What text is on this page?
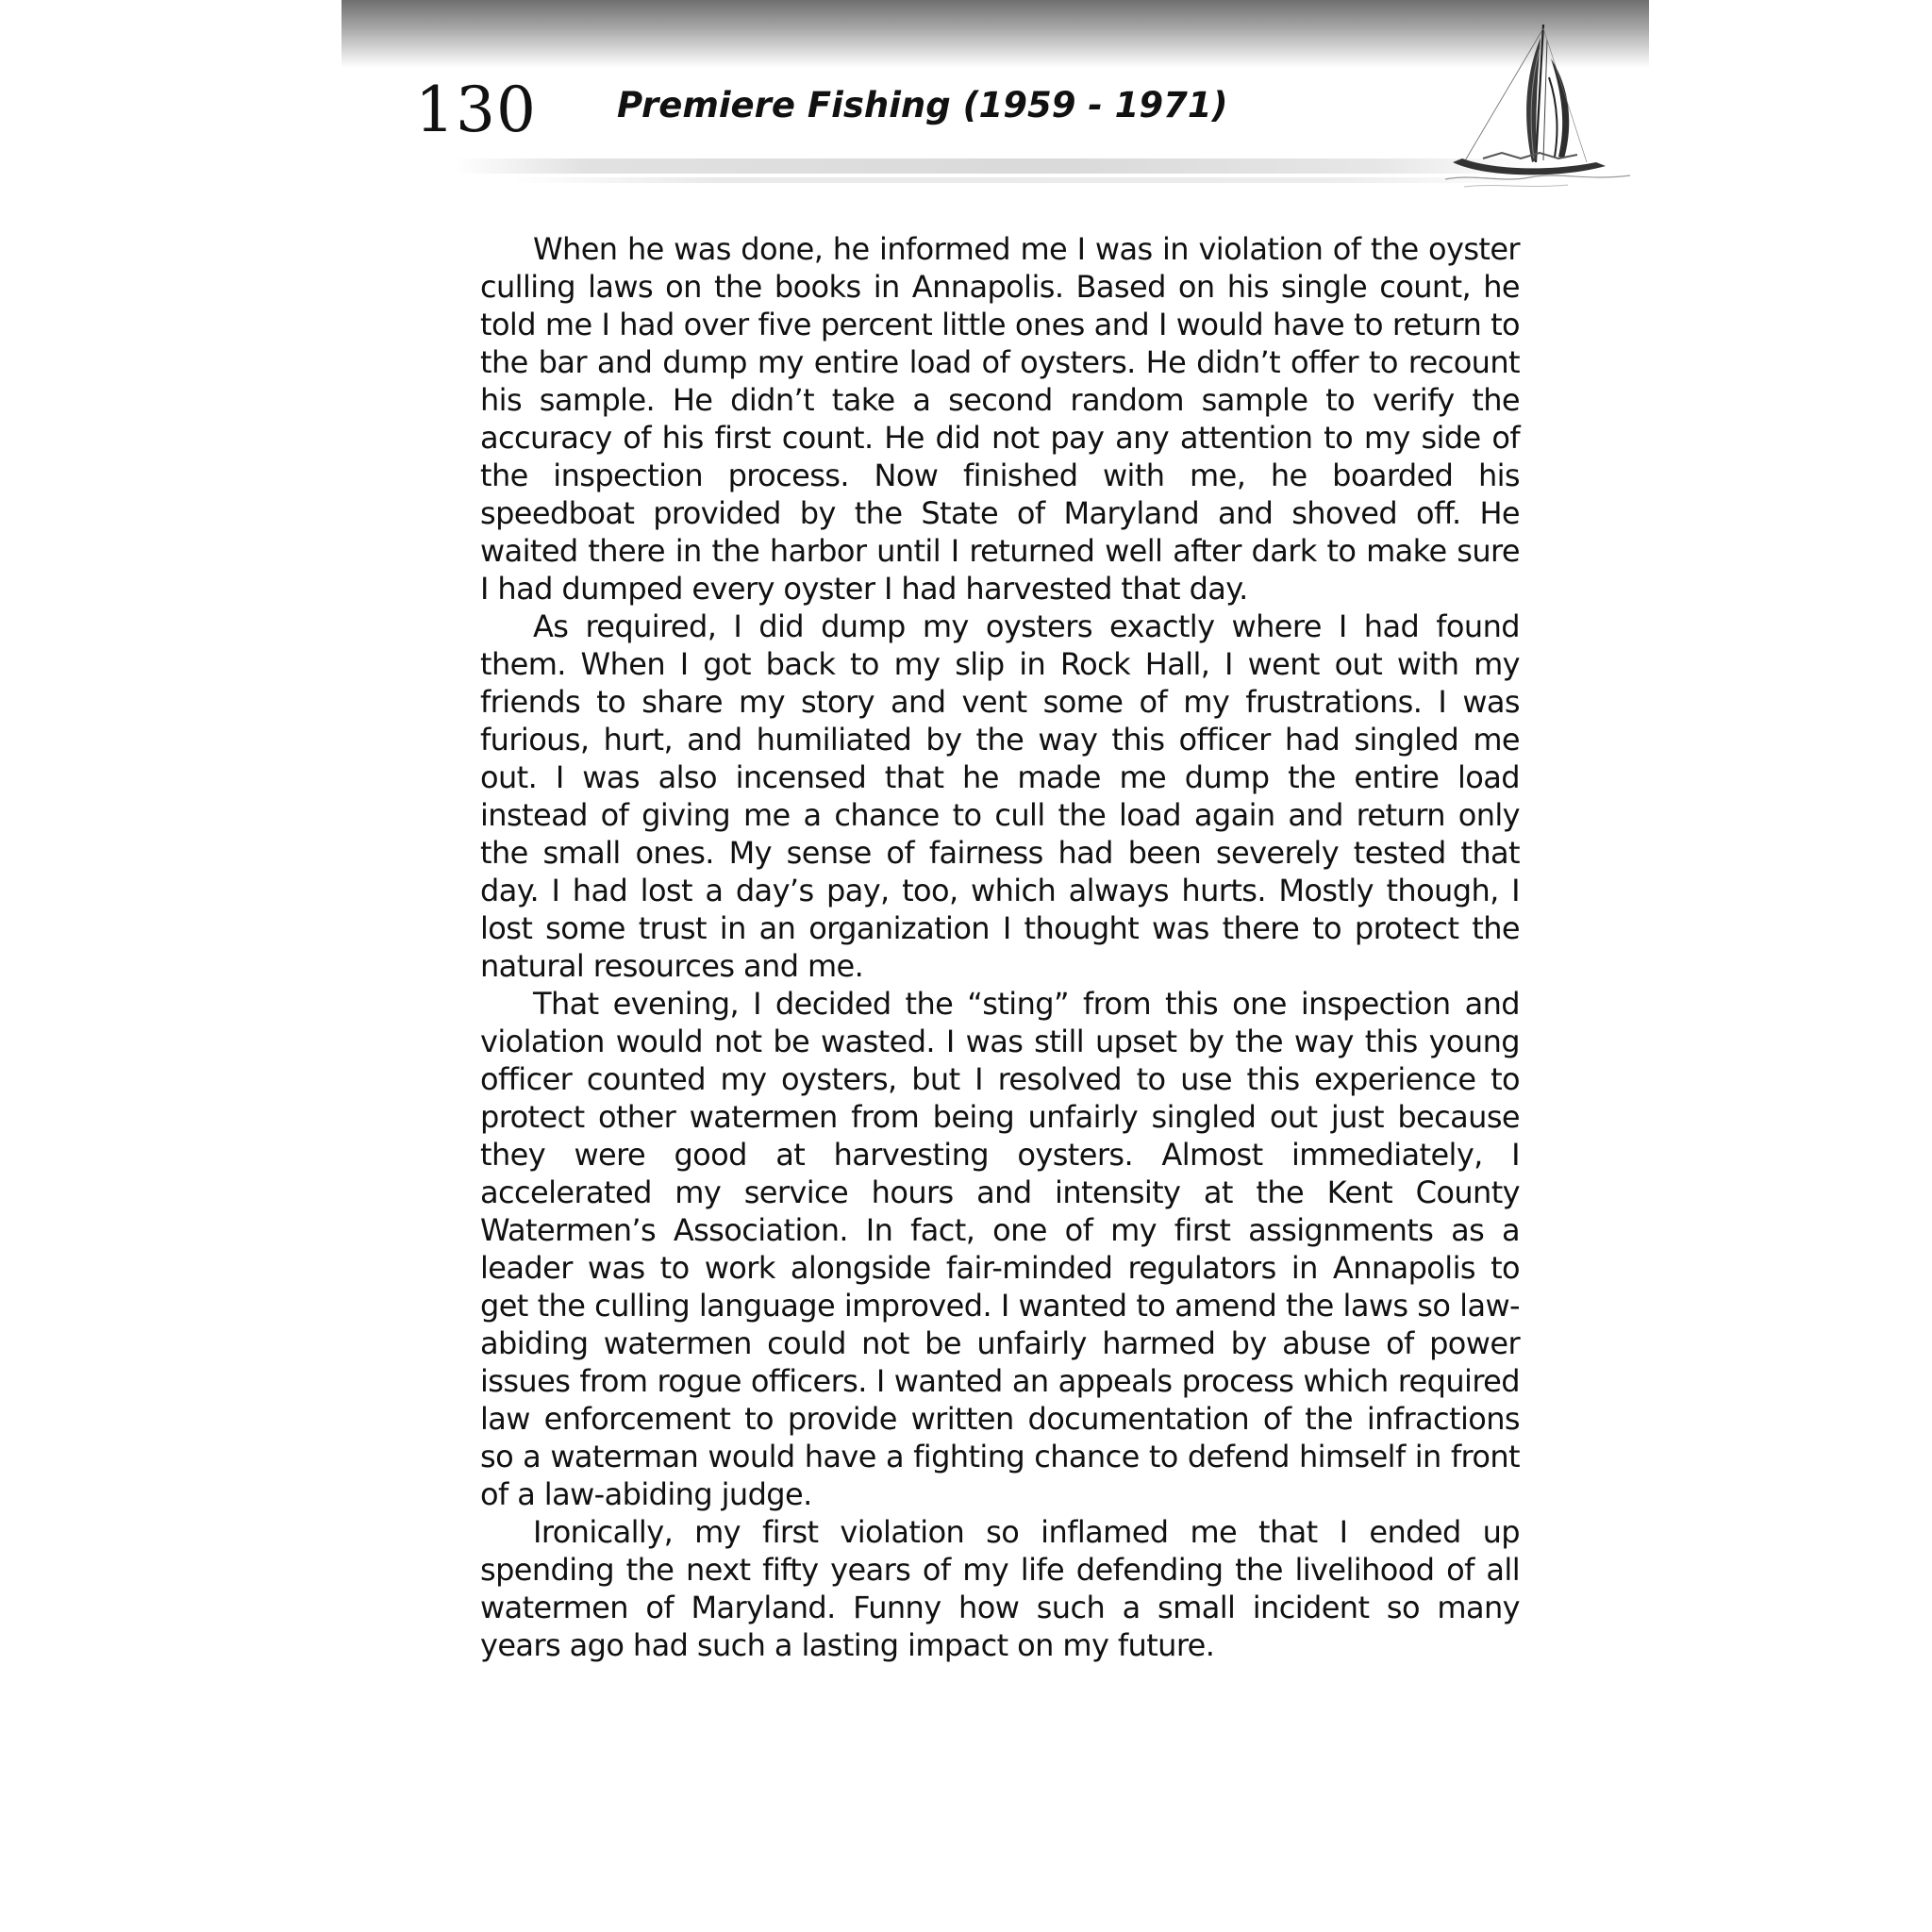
130 Premiere Fishing (1959 - 1971)

When he was done, he informed me I was in violation of the oyster culling laws on the books in Annapolis. Based on his single count, he told me I had over five percent little ones and I would have to return to the bar and dump my entire load of oysters. He didn’t offer to recount his sample. He didn’t take a second random sample to verify the accuracy of his first count. He did not pay any attention to my side of the inspection process. Now finished with me, he boarded his speedboat provided by the State of Maryland and shoved off. He waited there in the harbor until I returned well after dark to make sure I had dumped every oyster I had harvested that day.

As required, I did dump my oysters exactly where I had found them. When I got back to my slip in Rock Hall, I went out with my friends to share my story and vent some of my frustrations. I was furious, hurt, and humiliated by the way this officer had singled me out. I was also incensed that he made me dump the entire load instead of giving me a chance to cull the load again and return only the small ones. My sense of fairness had been severely tested that day. I had lost a day’s pay, too, which always hurts. Mostly though, I lost some trust in an organization I thought was there to protect the natural resources and me.

That evening, I decided the “sting” from this one inspection and violation would not be wasted. I was still upset by the way this young officer counted my oysters, but I resolved to use this experience to protect other watermen from being unfairly singled out just because they were good at harvesting oysters. Almost immediately, I accelerated my service hours and intensity at the Kent County Watermen’s Association. In fact, one of my first assignments as a leader was to work alongside fair-minded regulators in Annapolis to get the culling language improved. I wanted to amend the laws so law-abiding watermen could not be unfairly harmed by abuse of power issues from rogue officers. I wanted an appeals process which required law enforcement to provide written documentation of the infractions so a waterman would have a fighting chance to defend himself in front of a law-abiding judge.

Ironically, my first violation so inflamed me that I ended up spending the next fifty years of my life defending the livelihood of all watermen of Maryland. Funny how such a small incident so many years ago had such a lasting impact on my future.
